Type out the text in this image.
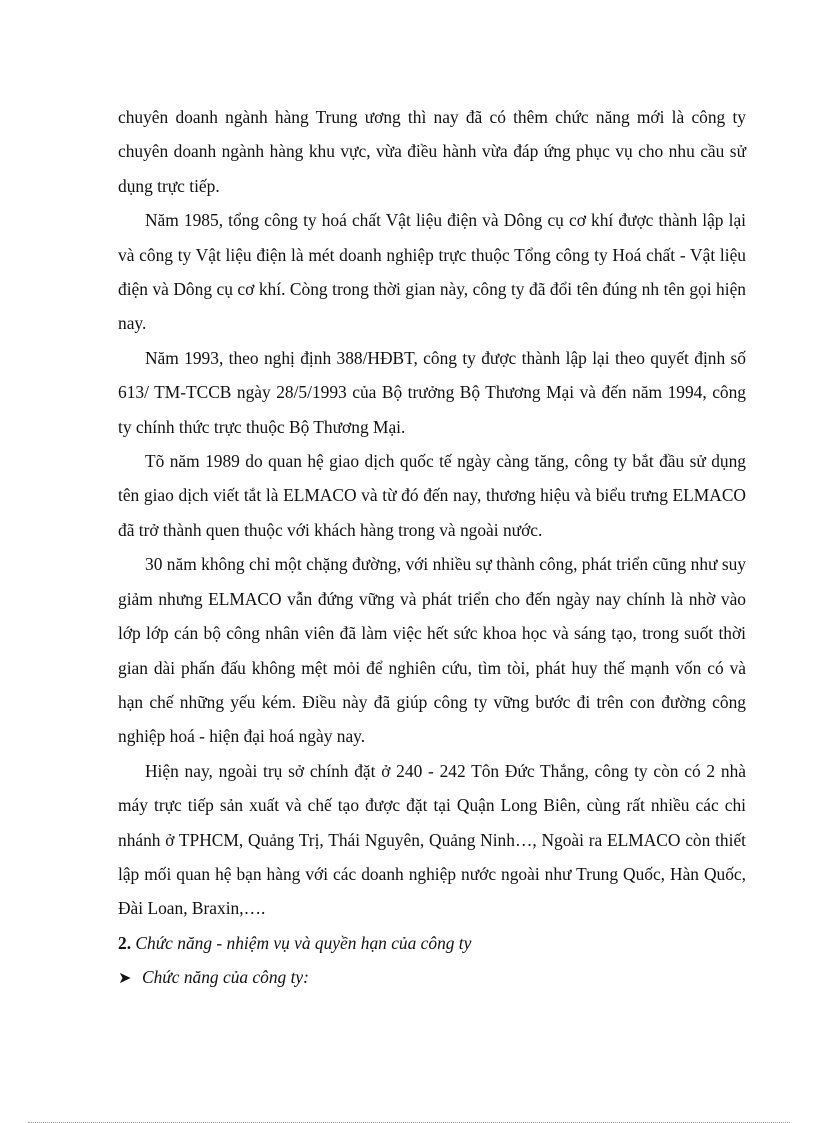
chuyên doanh ngành hàng Trung ương thì nay đã có thêm chức năng mới là công ty chuyên doanh ngành hàng khu vực, vừa điều hành vừa đáp ứng phục vụ cho nhu cầu sử dụng trực tiếp.

Năm 1985, tổng công ty hoá chất Vật liệu điện và Dông cụ cơ khí được thành lập lại và công ty Vật liệu điện là mét doanh nghiệp trực thuộc Tổng công ty Hoá chất - Vật liệu điện và Dông cụ cơ khí. Còng trong thời gian này, công ty đã đổi tên đúng nh tên gọi hiện nay.

Năm 1993, theo nghị định 388/HĐBT, công ty được thành lập lại theo quyết định số 613/ TM-TCCB ngày 28/5/1993 của Bộ trưởng Bộ Thương Mại và đến năm 1994, công ty chính thức trực thuộc Bộ Thương Mại.

Tõ năm 1989 do quan hệ giao dịch quốc tế ngày càng tăng, công ty bắt đầu sử dụng tên giao dịch viết tắt là ELMACO và từ đó đến nay, thương hiệu và biểu trưng ELMACO đã trở thành quen thuộc với khách hàng trong và ngoài nước.

30 năm không chỉ một chặng đường, với nhiều sự thành công, phát triển cũng như suy giảm nhưng ELMACO vẫn đứng vững và phát triển cho đến ngày nay chính là nhờ vào lớp lớp cán bộ công nhân viên đã làm việc hết sức khoa học và sáng tạo, trong suốt thời gian dài phấn đấu không mệt mỏi để nghiên cứu, tìm tòi, phát huy thế mạnh vốn có và hạn chế những yếu kém. Điều này đã giúp công ty vững bước đi trên con đường công nghiệp hoá - hiện đại hoá ngày nay.

Hiện nay, ngoài trụ sở chính đặt ở 240 - 242 Tôn Đức Thắng, công ty còn có 2 nhà máy trực tiếp sản xuất và chế tạo được đặt tại Quận Long Biên, cùng rất nhiều các chi nhánh ở TPHCM, Quảng Trị, Thái Nguyên, Quảng Ninh…, Ngoài ra ELMACO còn thiết lập mối quan hệ bạn hàng với các doanh nghiệp nước ngoài như Trung Quốc, Hàn Quốc, Đài Loan, Braxin,….

2. Chức năng - nhiệm vụ và quyền hạn của công ty

➤ Chức năng của công ty:
